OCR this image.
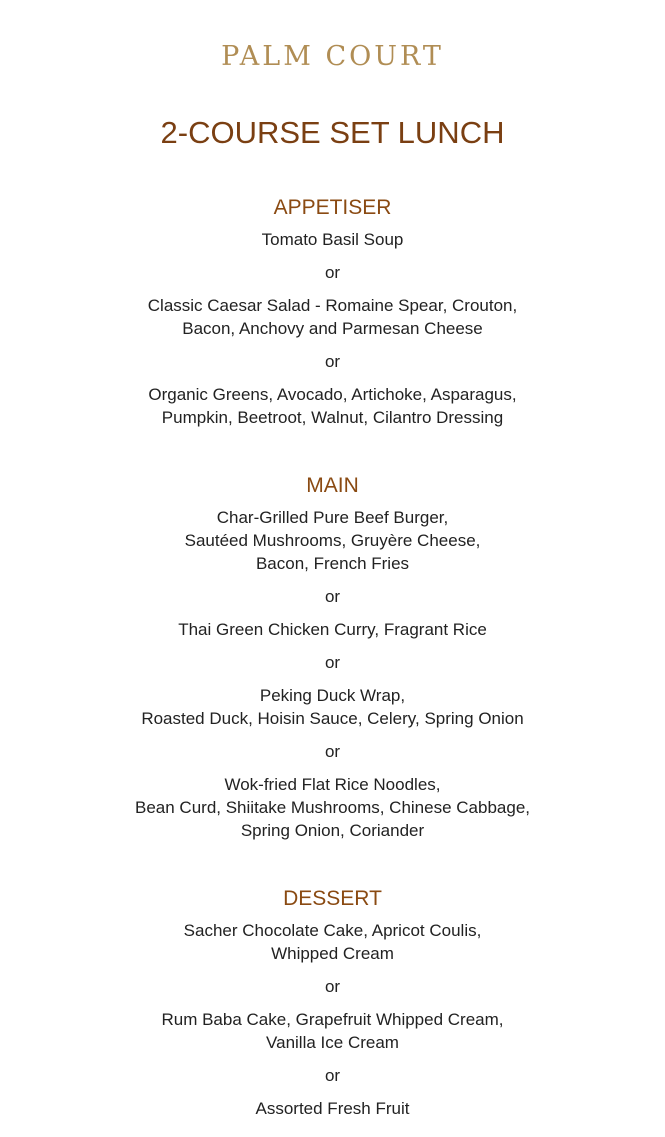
PALM COURT
2-COURSE SET LUNCH
APPETISER
Tomato Basil Soup
or
Classic Caesar Salad - Romaine Spear, Crouton,
Bacon, Anchovy and Parmesan Cheese
or
Organic Greens, Avocado, Artichoke, Asparagus,
Pumpkin, Beetroot, Walnut, Cilantro Dressing
MAIN
Char-Grilled Pure Beef Burger,
Sautéed Mushrooms, Gruyère Cheese,
Bacon, French Fries
or
Thai Green Chicken Curry, Fragrant Rice
or
Peking Duck Wrap,
Roasted Duck, Hoisin Sauce, Celery, Spring Onion
or
Wok-fried Flat Rice Noodles,
Bean Curd, Shiitake Mushrooms, Chinese Cabbage,
Spring Onion, Coriander
DESSERT
Sacher Chocolate Cake, Apricot Coulis,
Whipped Cream
or
Rum Baba Cake, Grapefruit Whipped Cream,
Vanilla Ice Cream
or
Assorted Fresh Fruit
